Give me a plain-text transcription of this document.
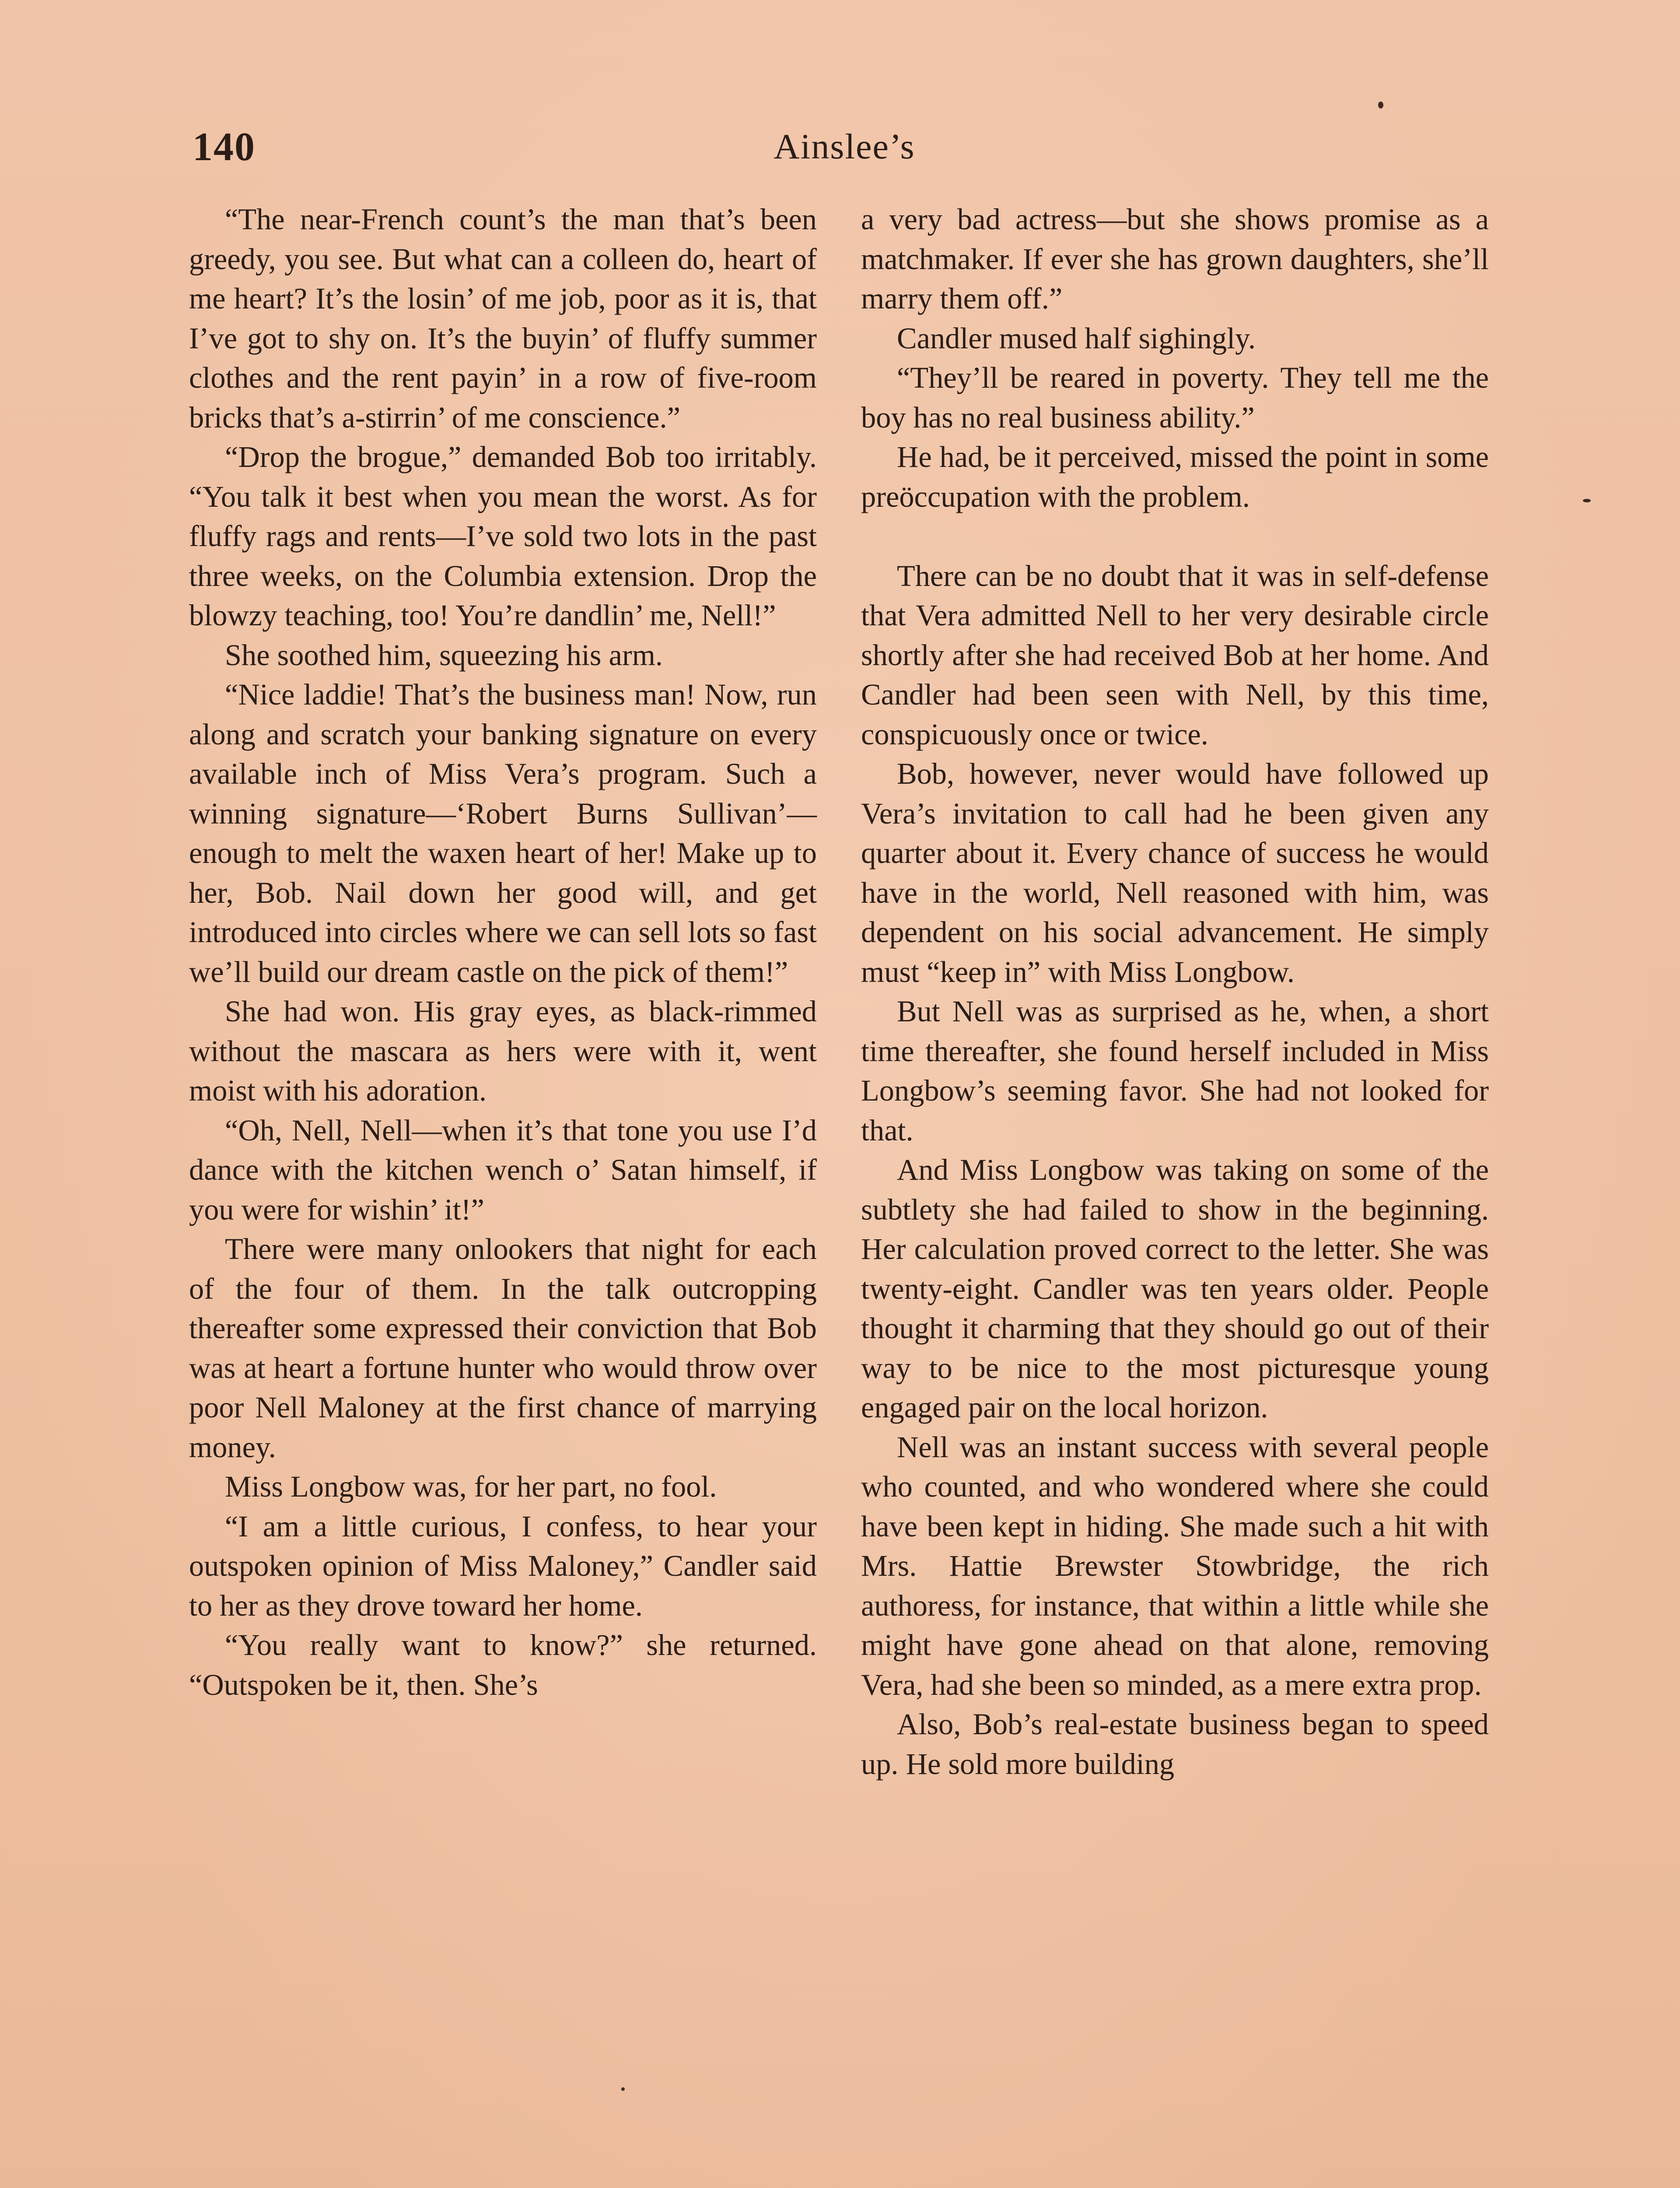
140	Ainslee’s

“The near-French count’s the man that’s been greedy, you see. But what can a colleen do, heart of me heart? It’s the losin’ of me job, poor as it is, that I’ve got to shy on. It’s the buyin’ of fluffy summer clothes and the rent payin’ in a row of five-room bricks that’s a-stirrin’ of me conscience.”

“Drop the brogue,” demanded Bob too irritably. “You talk it best when you mean the worst. As for fluffy rags and rents—I’ve sold two lots in the past three weeks, on the Columbia extension. Drop the blowzy teaching, too! You’re dandlin’ me, Nell!”

She soothed him, squeezing his arm.

“Nice laddie! That’s the business man! Now, run along and scratch your banking signature on every available inch of Miss Vera’s program. Such a winning signature—‘Robert Burns Sullivan’—enough to melt the waxen heart of her! Make up to her, Bob. Nail down her good will, and get introduced into circles where we can sell lots so fast we’ll build our dream castle on the pick of them!”

She had won. His gray eyes, as black-rimmed without the mascara as hers were with it, went moist with his adoration.

“Oh, Nell, Nell—when it’s that tone you use I’d dance with the kitchen wench o’ Satan himself, if you were for wishin’ it!”

There were many onlookers that night for each of the four of them. In the talk outcropping thereafter some expressed their conviction that Bob was at heart a fortune hunter who would throw over poor Nell Maloney at the first chance of marrying money.

Miss Longbow was, for her part, no fool.

“I am a little curious, I confess, to hear your outspoken opinion of Miss Maloney,” Candler said to her as they drove toward her home.

“You really want to know?” she returned. “Outspoken be it, then. She’s

a very bad actress—but she shows promise as a matchmaker. If ever she has grown daughters, she’ll marry them off.”

Candler mused half sighingly.

“They’ll be reared in poverty. They tell me the boy has no real business ability.”

He had, be it perceived, missed the point in some preöccupation with the problem.

There can be no doubt that it was in self-defense that Vera admitted Nell to her very desirable circle shortly after she had received Bob at her home. And Candler had been seen with Nell, by this time, conspicuously once or twice.

Bob, however, never would have followed up Vera’s invitation to call had he been given any quarter about it. Every chance of success he would have in the world, Nell reasoned with him, was dependent on his social advancement. He simply must “keep in” with Miss Longbow.

But Nell was as surprised as he, when, a short time thereafter, she found herself included in Miss Longbow’s seeming favor. She had not looked for that.

And Miss Longbow was taking on some of the subtlety she had failed to show in the beginning. Her calculation proved correct to the letter. She was twenty-eight. Candler was ten years older. People thought it charming that they should go out of their way to be nice to the most picturesque young engaged pair on the local horizon.

Nell was an instant success with several people who counted, and who wondered where she could have been kept in hiding. She made such a hit with Mrs. Hattie Brewster Stowbridge, the rich authoress, for instance, that within a little while she might have gone ahead on that alone, removing Vera, had she been so minded, as a mere extra prop.

Also, Bob’s real-estate business began to speed up. He sold more building
